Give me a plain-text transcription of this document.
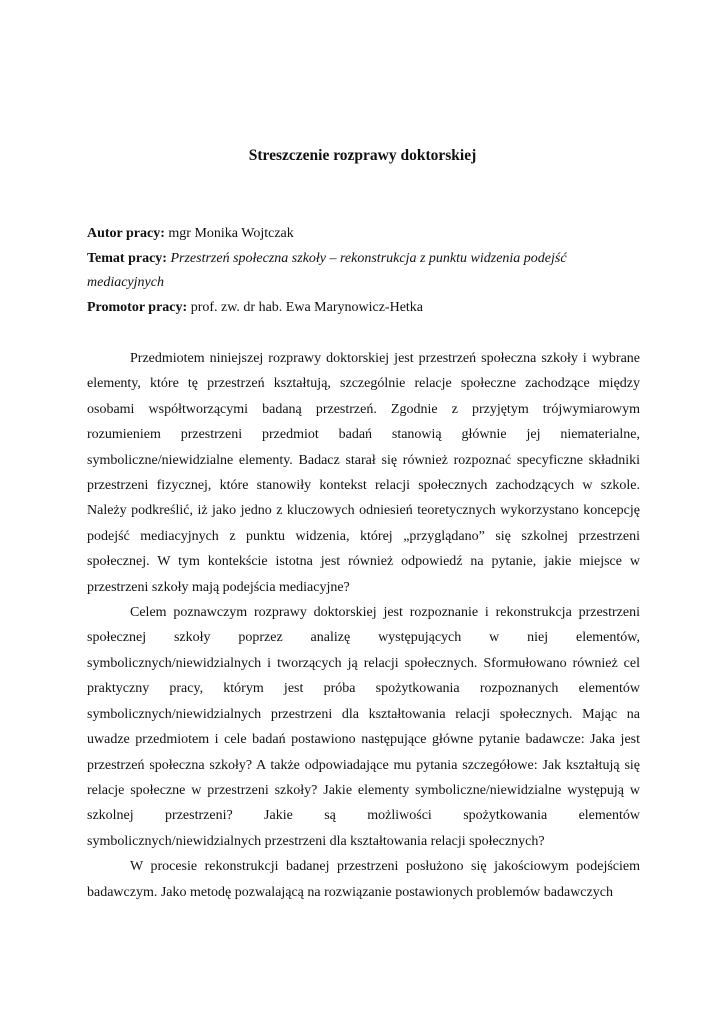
Streszczenie rozprawy doktorskiej
Autor pracy: mgr Monika Wojtczak
Temat pracy: Przestrzeń społeczna szkoły – rekonstrukcja z punktu widzenia podejść mediacyjnych
Promotor pracy: prof. zw. dr hab. Ewa Marynowicz-Hetka

Przedmiotem niniejszej rozprawy doktorskiej jest przestrzeń społeczna szkoły i wybrane elementy, które tę przestrzeń kształtują, szczególnie relacje społeczne zachodzące między osobami współtworzącymi badaną przestrzeń. Zgodnie z przyjętym trójwymiarowym rozumieniem przestrzeni przedmiot badań stanowią głównie jej niematerialne, symboliczne/niewidzialne elementy. Badacz starał się również rozpoznać specyficzne składniki przestrzeni fizycznej, które stanowiły kontekst relacji społecznych zachodzących w szkole. Należy podkreślić, iż jako jedno z kluczowych odniesień teoretycznych wykorzystano koncepcję podejść mediacyjnych z punktu widzenia, której „przyglądano” się szkolnej przestrzeni społecznej. W tym kontekście istotna jest również odpowiedź na pytanie, jakie miejsce w przestrzeni szkoły mają podejścia mediacyjne?

Celem poznawczym rozprawy doktorskiej jest rozpoznanie i rekonstrukcja przestrzeni społecznej szkoły poprzez analizę występujących w niej elementów, symbolicznych/niewidzialnych i tworzących ją relacji społecznych. Sformułowano również cel praktyczny pracy, którym jest próba spożytkowania rozpoznanych elementów symbolicznych/niewidzialnych przestrzeni dla kształtowania relacji społecznych. Mając na uwadze przedmiotem i cele badań postawiono następujące główne pytanie badawcze: Jaka jest przestrzeń społeczna szkoły? A także odpowiadające mu pytania szczegółowe: Jak kształtują się relacje społeczne w przestrzeni szkoły? Jakie elementy symboliczne/niewidzialne występują w szkolnej przestrzeni? Jakie są możliwości spożytkowania elementów symbolicznych/niewidzialnych przestrzeni dla kształtowania relacji społecznych?

W procesie rekonstrukcji badanej przestrzeni posłużono się jakościowym podejściem badawczym. Jako metodę pozwalającą na rozwiązanie postawionych problemów badawczych
